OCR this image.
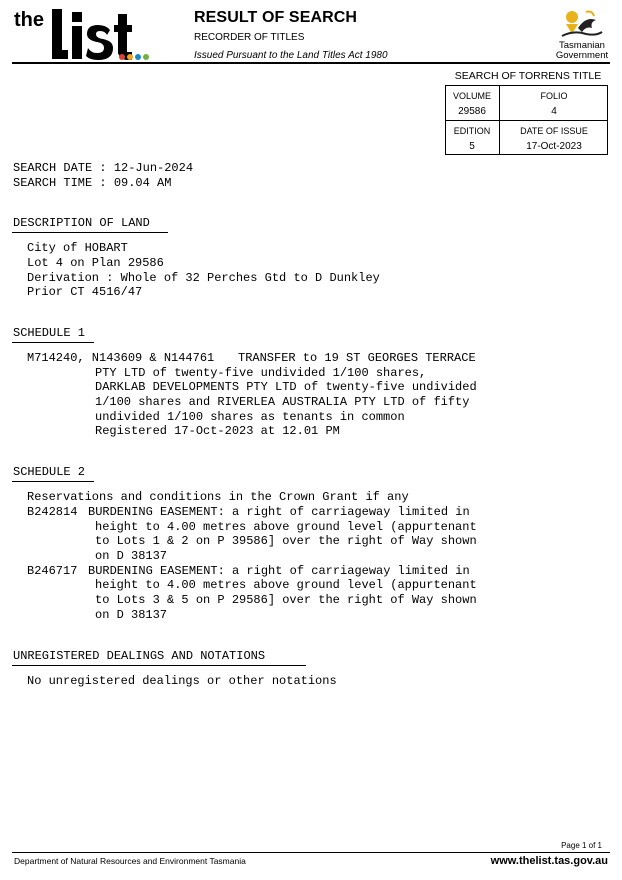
the	RESULT OF SEARCH
RECORDER OF TITLES
Issued Pursuant to the Land Titles Act 1980
Tasmanian
Government
SEARCH OF TORRENS TITLE
VOLUME
29586
FOLIO
4
EDITION
5
DATE OF ISSUE
17-Oct-2023
SEARCH DATE : 12-Jun-2024
SEARCH TIME : 09.04 AM
DESCRIPTION OF LAND
City of HOBART
Lot 4 on Plan 29586
Derivation : Whole of 32 Perches Gtd to D Dunkley
Prior CT 4516/47
SCHEDULE 1
M714240, N143609 & N144761 TRANSFER to 19 ST GEORGES TERRACE
PTY LTD of twenty-five undivided 1/100 shares,
DARKLAB DEVELOPMENTS PTY LTD of twenty-five undivided
1/100 shares and RIVERLEA AUSTRALIA PTY LTD of fifty
undivided 1/100 shares as tenants in common
Registered 17-Oct-2023 at 12.01 PM
SCHEDULE 2
Reservations and conditions in the Crown Grant if any
B242814 BURDENING EASEMENT: a right of carriageway limited in
height to 4.00 metres above ground level (appurtenant
to Lots 1 & 2 on P 39586] over the right of Way shown
on D 38137
B246717 BURDENING EASEMENT: a right of carriageway limited in
height to 4.00 metres above ground level (appurtenant
to Lots 3 & 5 on P 29586] over the right of Way shown
on D 38137
UNREGISTERED DEALINGS AND NOTATIONS
No unregistered dealings or other notations
Page 1 of 1
Department of Natural Resources and Environment Tasmania	www.thelist.tas.gov.au
